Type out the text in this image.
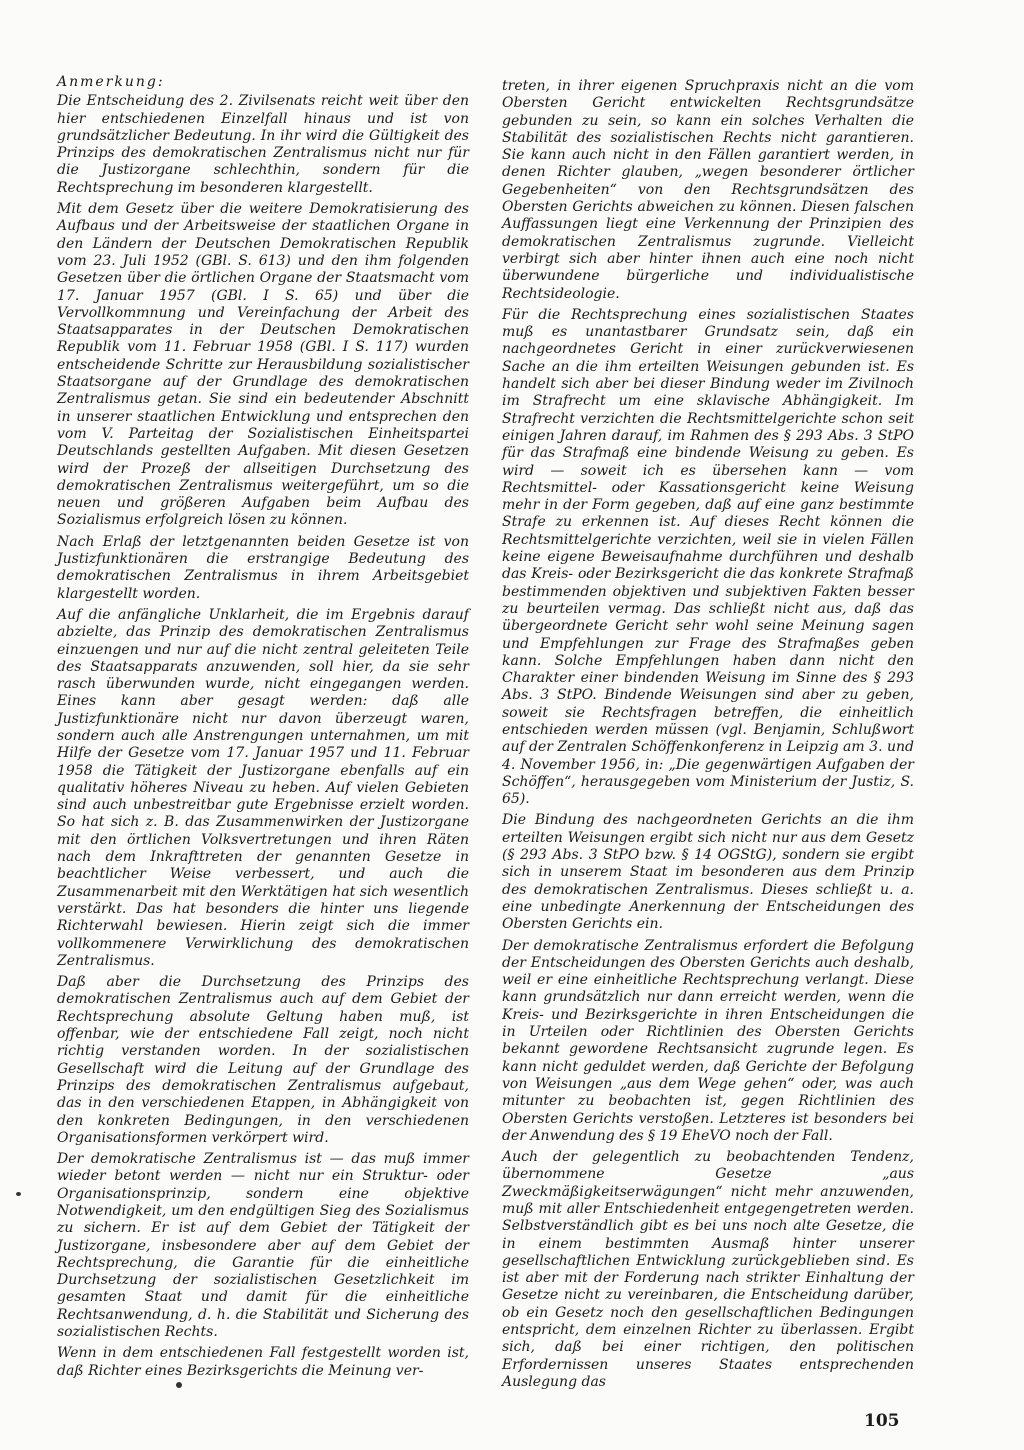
Anmerkung:

Die Entscheidung des 2. Zivilsenats reicht weit über den hier entschiedenen Einzelfall hinaus und ist von grundsätzlicher Bedeutung. In ihr wird die Gültigkeit des Prinzips des demokratischen Zentralismus nicht nur für die Justizorgane schlechthin, sondern für die Rechtsprechung im besonderen klargestellt.

Mit dem Gesetz über die weitere Demokratisierung des Aufbaus und der Arbeitsweise der staatlichen Organe in den Ländern der Deutschen Demokratischen Republik vom 23. Juli 1952 (GBl. S. 613) und den ihm folgenden Gesetzen über die örtlichen Organe der Staatsmacht vom 17. Januar 1957 (GBl. I S. 65) und über die Vervollkommnung und Vereinfachung der Arbeit des Staatsapparates in der Deutschen Demokratischen Republik vom 11. Februar 1958 (GBl. I S. 117) wurden entscheidende Schritte zur Herausbildung sozialistischer Staatsorgane auf der Grundlage des demokratischen Zentralismus getan. Sie sind ein bedeutender Abschnitt in unserer staatlichen Entwicklung und entsprechen den vom V. Parteitag der Sozialistischen Einheitspartei Deutschlands gestellten Aufgaben. Mit diesen Gesetzen wird der Prozeß der allseitigen Durchsetzung des demokratischen Zentralismus weitergeführt, um so die neuen und größeren Aufgaben beim Aufbau des Sozialismus erfolgreich lösen zu können.

Nach Erlaß der letztgenannten beiden Gesetze ist von Justizfunktionären die erstrangige Bedeutung des demokratischen Zentralismus in ihrem Arbeitsgebiet klargestellt worden.

Auf die anfängliche Unklarheit, die im Ergebnis darauf abzielte, das Prinzip des demokratischen Zentralismus einzuengen und nur auf die nicht zentral geleiteten Teile des Staatsapparats anzuwenden, soll hier, da sie sehr rasch überwunden wurde, nicht eingegangen werden. Eines kann aber gesagt werden: daß alle Justizfunktionäre nicht nur davon überzeugt waren, sondern auch alle Anstrengungen unternahmen, um mit Hilfe der Gesetze vom 17. Januar 1957 und 11. Februar 1958 die Tätigkeit der Justizorgane ebenfalls auf ein qualitativ höheres Niveau zu heben. Auf vielen Gebieten sind auch unbestreitbar gute Ergebnisse erzielt worden. So hat sich z. B. das Zusammenwirken der Justizorgane mit den örtlichen Volksvertretungen und ihren Räten nach dem Inkrafttreten der genannten Gesetze in beachtlicher Weise verbessert, und auch die Zusammenarbeit mit den Werktätigen hat sich wesentlich verstärkt. Das hat besonders die hinter uns liegende Richterwahl bewiesen. Hierin zeigt sich die immer vollkommenere Verwirklichung des demokratischen Zentralismus.

Daß aber die Durchsetzung des Prinzips des demokratischen Zentralismus auch auf dem Gebiet der Rechtsprechung absolute Geltung haben muß, ist offenbar, wie der entschiedene Fall zeigt, noch nicht richtig verstanden worden. In der sozialistischen Gesellschaft wird die Leitung auf der Grundlage des Prinzips des demokratischen Zentralismus aufgebaut, das in den verschiedenen Etappen, in Abhängigkeit von den konkreten Bedingungen, in den verschiedenen Organisationsformen verkörpert wird.

Der demokratische Zentralismus ist — das muß immer wieder betont werden — nicht nur ein Struktur- oder Organisationsprinzip, sondern eine objektive Notwendigkeit, um den endgültigen Sieg des Sozialismus zu sichern. Er ist auf dem Gebiet der Tätigkeit der Justizorgane, insbesondere aber auf dem Gebiet der Rechtsprechung, die Garantie für die einheitliche Durchsetzung der sozialistischen Gesetzlichkeit im gesamten Staat und damit für die einheitliche Rechtsanwendung, d. h. die Stabilität und Sicherung des sozialistischen Rechts.

Wenn in dem entschiedenen Fall festgestellt worden ist, daß Richter eines Bezirksgerichts die Meinung ver-

treten, in ihrer eigenen Spruchpraxis nicht an die vom Obersten Gericht entwickelten Rechtsgrundsätze gebunden zu sein, so kann ein solches Verhalten die Stabilität des sozialistischen Rechts nicht garantieren. Sie kann auch nicht in den Fällen garantiert werden, in denen Richter glauben, „wegen besonderer örtlicher Gegebenheiten“ von den Rechtsgrundsätzen des Obersten Gerichts abweichen zu können. Diesen falschen Auffassungen liegt eine Verkennung der Prinzipien des demokratischen Zentralismus zugrunde. Vielleicht verbirgt sich aber hinter ihnen auch eine noch nicht überwundene bürgerliche und individualistische Rechtsideologie.

Für die Rechtsprechung eines sozialistischen Staates muß es unantastbarer Grundsatz sein, daß ein nachgeordnetes Gericht in einer zurückverwiesenen Sache an die ihm erteilten Weisungen gebunden ist. Es handelt sich aber bei dieser Bindung weder im Zivilnoch im Strafrecht um eine sklavische Abhängigkeit. Im Strafrecht verzichten die Rechtsmittelgerichte schon seit einigen Jahren darauf, im Rahmen des § 293 Abs. 3 StPO für das Strafmaß eine bindende Weisung zu geben. Es wird — soweit ich es übersehen kann — vom Rechtsmittel- oder Kassationsgericht keine Weisung mehr in der Form gegeben, daß auf eine ganz bestimmte Strafe zu erkennen ist. Auf dieses Recht können die Rechtsmittelgerichte verzichten, weil sie in vielen Fällen keine eigene Beweisaufnahme durchführen und deshalb das Kreis- oder Bezirksgericht die das konkrete Strafmaß bestimmenden objektiven und subjektiven Fakten besser zu beurteilen vermag. Das schließt nicht aus, daß das übergeordnete Gericht sehr wohl seine Meinung sagen und Empfehlungen zur Frage des Strafmaßes geben kann. Solche Empfehlungen haben dann nicht den Charakter einer bindenden Weisung im Sinne des § 293 Abs. 3 StPO. Bindende Weisungen sind aber zu geben, soweit sie Rechtsfragen betreffen, die einheitlich entschieden werden müssen (vgl. Benjamin, Schlußwort auf der Zentralen Schöffenkonferenz in Leipzig am 3. und 4. November 1956, in: „Die gegenwärtigen Aufgaben der Schöffen“, herausgegeben vom Ministerium der Justiz, S. 65).

Die Bindung des nachgeordneten Gerichts an die ihm erteilten Weisungen ergibt sich nicht nur aus dem Gesetz (§ 293 Abs. 3 StPO bzw. § 14 OGStG), sondern sie ergibt sich in unserem Staat im besonderen aus dem Prinzip des demokratischen Zentralismus. Dieses schließt u. a. eine unbedingte Anerkennung der Entscheidungen des Obersten Gerichts ein.

Der demokratische Zentralismus erfordert die Befolgung der Entscheidungen des Obersten Gerichts auch deshalb, weil er eine einheitliche Rechtsprechung verlangt. Diese kann grundsätzlich nur dann erreicht werden, wenn die Kreis- und Bezirksgerichte in ihren Entscheidungen die in Urteilen oder Richtlinien des Obersten Gerichts bekannt gewordene Rechtsansicht zugrunde legen. Es kann nicht geduldet werden, daß Gerichte der Befolgung von Weisungen „aus dem Wege gehen“ oder, was auch mitunter zu beobachten ist, gegen Richtlinien des Obersten Gerichts verstoßen. Letzteres ist besonders bei der Anwendung des § 19 EheVO noch der Fall.

Auch der gelegentlich zu beobachtenden Tendenz, übernommene Gesetze „aus Zweckmäßigkeitserwägungen“ nicht mehr anzuwenden, muß mit aller Entschiedenheit entgegengetreten werden. Selbstverständlich gibt es bei uns noch alte Gesetze, die in einem bestimmten Ausmaß hinter unserer gesellschaftlichen Entwicklung zurückgeblieben sind. Es ist aber mit der Forderung nach strikter Einhaltung der Gesetze nicht zu vereinbaren, die Entscheidung darüber, ob ein Gesetz noch den gesellschaftlichen Bedingungen entspricht, dem einzelnen Richter zu überlassen. Ergibt sich, daß bei einer richtigen, den politischen Erfordernissen unseres Staates entsprechenden Auslegung das

105
